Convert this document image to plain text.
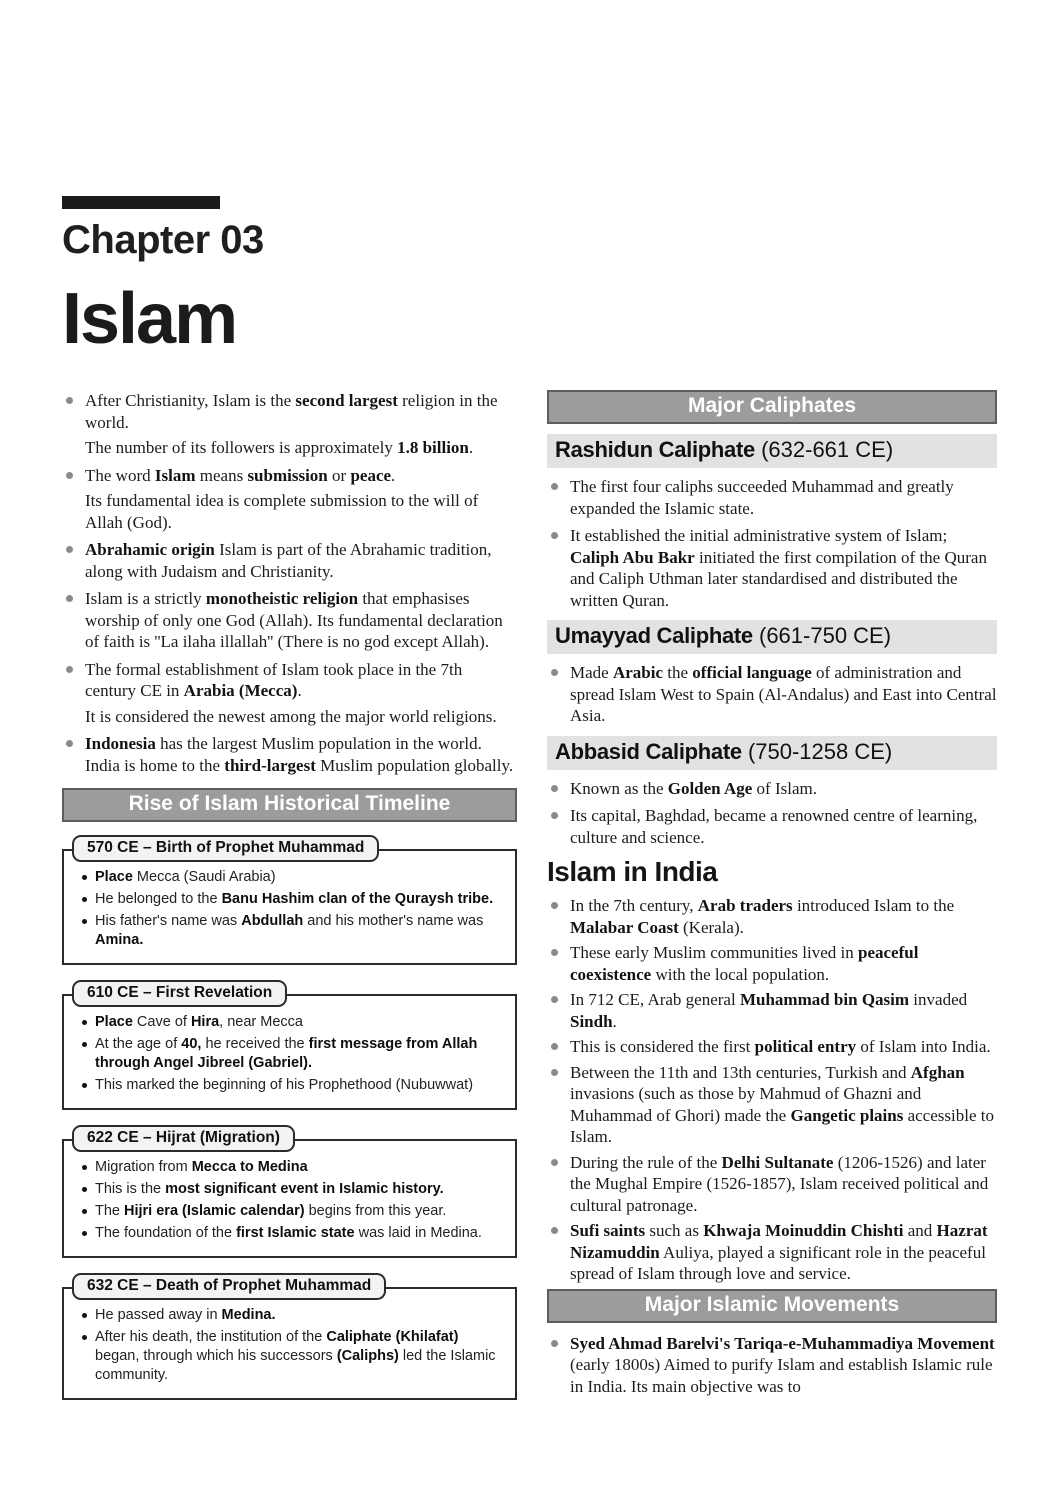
Chapter 03
Islam
After Christianity, Islam is the second largest religion in the world.
The number of its followers is approximately 1.8 billion.
The word Islam means submission or peace.
Its fundamental idea is complete submission to the will of Allah (God).
Abrahamic origin Islam is part of the Abrahamic tradition, along with Judaism and Christianity.
Islam is a strictly monotheistic religion that emphasises worship of only one God (Allah). Its fundamental declaration of faith is ''La ilaha illallah'' (There is no god except Allah).
The formal establishment of Islam took place in the 7th century CE in Arabia (Mecca).
It is considered the newest among the major world religions.
Indonesia has the largest Muslim population in the world. India is home to the third-largest Muslim population globally.
Rise of Islam Historical Timeline
570 CE – Birth of Prophet Muhammad
Place Mecca (Saudi Arabia)
He belonged to the Banu Hashim clan of the Quraysh tribe.
His father's name was Abdullah and his mother's name was Amina.
610 CE – First Revelation
Place Cave of Hira, near Mecca
At the age of 40, he received the first message from Allah through Angel Jibreel (Gabriel).
This marked the beginning of his Prophethood (Nubuwwat)
622 CE – Hijrat (Migration)
Migration from Mecca to Medina
This is the most significant event in Islamic history.
The Hijri era (Islamic calendar) begins from this year.
The foundation of the first Islamic state was laid in Medina.
632 CE – Death of Prophet Muhammad
He passed away in Medina.
After his death, the institution of the Caliphate (Khilafat) began, through which his successors (Caliphs) led the Islamic community.
Major Caliphates
Rashidun Caliphate (632-661 CE)
The first four caliphs succeeded Muhammad and greatly expanded the Islamic state.
It established the initial administrative system of Islam; Caliph Abu Bakr initiated the first compilation of the Quran and Caliph Uthman later standardised and distributed the written Quran.
Umayyad Caliphate (661-750 CE)
Made Arabic the official language of administration and spread Islam West to Spain (Al-Andalus) and East into Central Asia.
Abbasid Caliphate (750-1258 CE)
Known as the Golden Age of Islam.
Its capital, Baghdad, became a renowned centre of learning, culture and science.
Islam in India
In the 7th century, Arab traders introduced Islam to the Malabar Coast (Kerala).
These early Muslim communities lived in peaceful coexistence with the local population.
In 712 CE, Arab general Muhammad bin Qasim invaded Sindh.
This is considered the first political entry of Islam into India.
Between the 11th and 13th centuries, Turkish and Afghan invasions (such as those by Mahmud of Ghazni and Muhammad of Ghori) made the Gangetic plains accessible to Islam.
During the rule of the Delhi Sultanate (1206-1526) and later the Mughal Empire (1526-1857), Islam received political and cultural patronage.
Sufi saints such as Khwaja Moinuddin Chishti and Hazrat Nizamuddin Auliya, played a significant role in the peaceful spread of Islam through love and service.
Major Islamic Movements
Syed Ahmad Barelvi's Tariqa-e-Muhammadiya Movement (early 1800s) Aimed to purify Islam and establish Islamic rule in India. Its main objective was to
